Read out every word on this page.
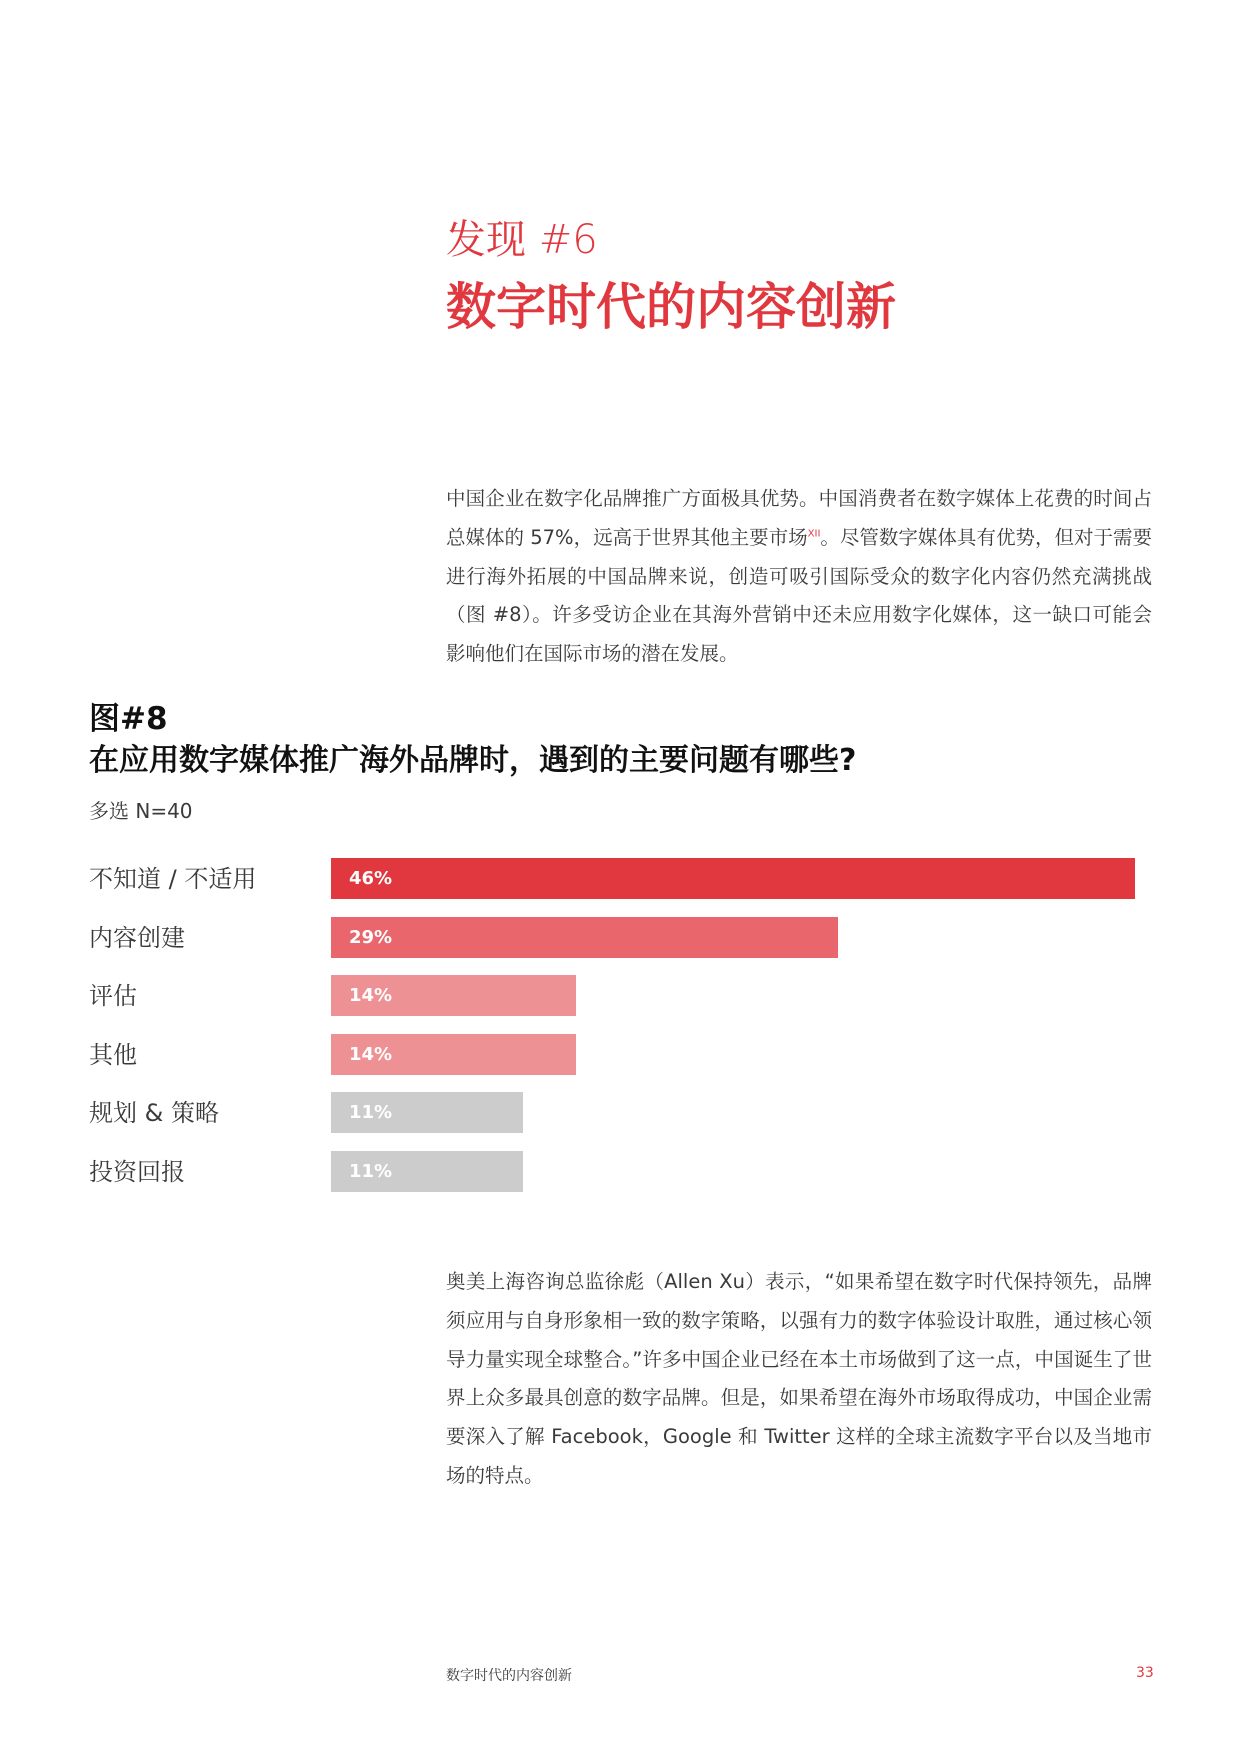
发现 #6

数字时代的内容创新

中国企业在数字化品牌推广方面极具优势。中国消费者在数字媒体上花费的时间占总媒体的 57%，远高于世界其他主要市场$^{XII}$。尽管数字媒体具有优势，但对于需要进行海外拓展的中国品牌来说，创造可吸引国际受众的数字化内容仍然充满挑战（图 #8）。许多受访企业在其海外营销中还未应用数字化媒体，这一缺口可能会影响他们在国际市场的潜在发展。

图#8
在应用数字媒体推广海外品牌时，遇到的主要问题有哪些?

多选 N=40

不知道 / 不适用	46%
内容创建	29%
评估	14%
其他	14%
规划 & 策略	11%
投资回报	11%

奥美上海咨询总监徐彪（Allen Xu）表示，“如果希望在数字时代保持领先，品牌须应用与自身形象相一致的数字策略，以强有力的数字体验设计取胜，通过核心领导力量实现全球整合。”许多中国企业已经在本土市场做到了这一点，中国诞生了世界上众多最具创意的数字品牌。但是，如果希望在海外市场取得成功，中国企业需要深入了解 Facebook，Google 和 Twitter 这样的全球主流数字平台以及当地市场的特点。

数字时代的内容创新	33
